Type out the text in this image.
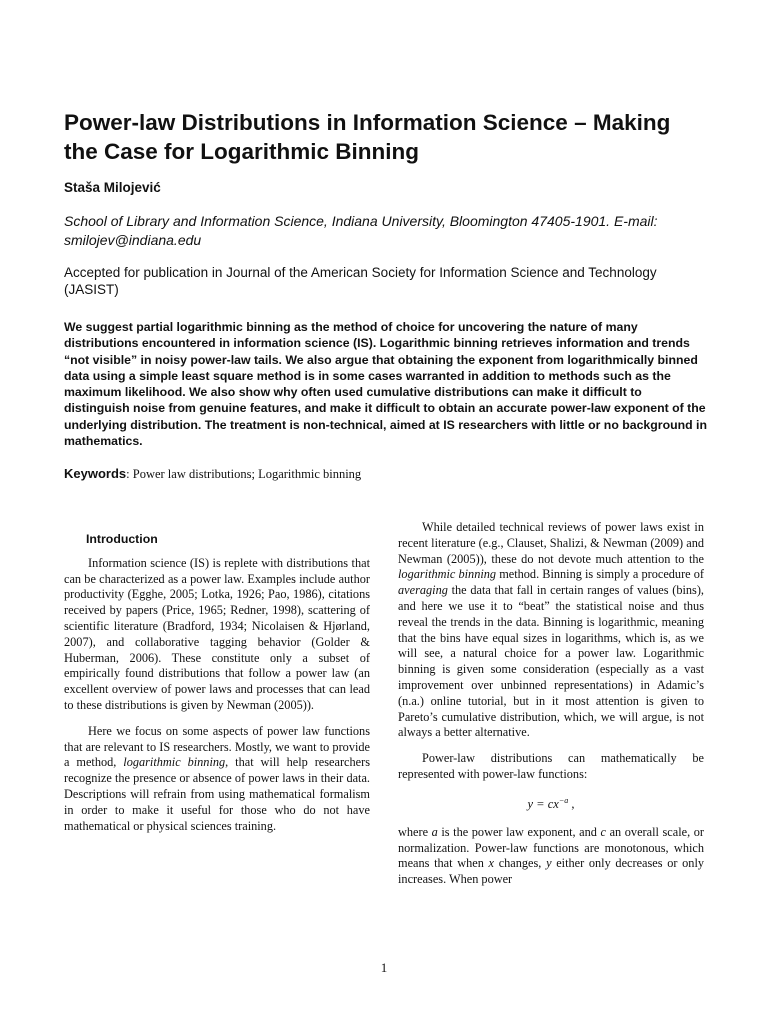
Power-law Distributions in Information Science – Making the Case for Logarithmic Binning
Staša Milojević
School of Library and Information Science, Indiana University, Bloomington 47405-1901. E-mail: smilojev@indiana.edu
Accepted for publication in Journal of the American Society for Information Science and Technology (JASIST)
We suggest partial logarithmic binning as the method of choice for uncovering the nature of many distributions encountered in information science (IS). Logarithmic binning retrieves information and trends “not visible” in noisy power-law tails. We also argue that obtaining the exponent from logarithmically binned data using a simple least square method is in some cases warranted in addition to methods such as the maximum likelihood. We also show why often used cumulative distributions can make it difficult to distinguish noise from genuine features, and make it difficult to obtain an accurate power-law exponent of the underlying distribution. The treatment is non-technical, aimed at IS researchers with little or no background in mathematics.
Keywords: Power law distributions; Logarithmic binning
Introduction

Information science (IS) is replete with distributions that can be characterized as a power law. Examples include author productivity (Egghe, 2005; Lotka, 1926; Pao, 1986), citations received by papers (Price, 1965; Redner, 1998), scattering of scientific literature (Bradford, 1934; Nicolaisen & Hjørland, 2007), and collaborative tagging behavior (Golder & Huberman, 2006). These constitute only a subset of empirically found distributions that follow a power law (an excellent overview of power laws and processes that can lead to these distributions is given by Newman (2005)).

Here we focus on some aspects of power law functions that are relevant to IS researchers. Mostly, we want to provide a method, logarithmic binning, that will help researchers recognize the presence or absence of power laws in their data. Descriptions will refrain from using mathematical formalism in order to make it useful for those who do not have mathematical or physical sciences training.

While detailed technical reviews of power laws exist in recent literature (e.g., Clauset, Shalizi, & Newman (2009) and Newman (2005)), these do not devote much attention to the logarithmic binning method. Binning is simply a procedure of averaging the data that fall in certain ranges of values (bins), and here we use it to “beat” the statistical noise and thus reveal the trends in the data. Binning is logarithmic, meaning that the bins have equal sizes in logarithms, which is, as we will see, a natural choice for a power law. Logarithmic binning is given some consideration (especially as a vast improvement over unbinned representations) in Adamic’s (n.a.) online tutorial, but in it most attention is given to Pareto’s cumulative distribution, which, we will argue, is not always a better alternative.

Power-law distributions can mathematically be represented with power-law functions:

$y = cx^{-a}$ ,

where a is the power law exponent, and c an overall scale, or normalization. Power-law functions are monotonous, which means that when x changes, y either only decreases or only increases. When power

1
